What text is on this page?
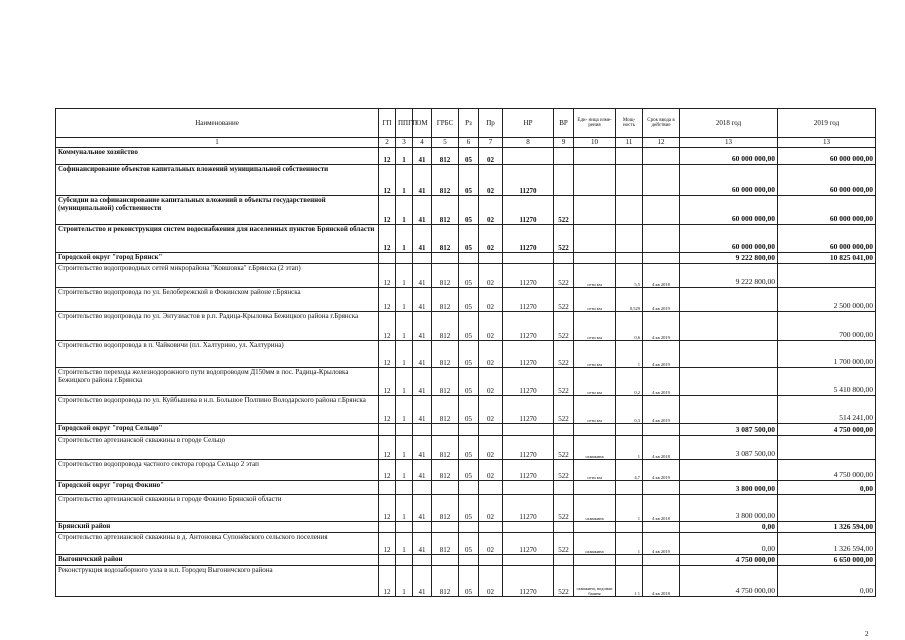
Наименование	ГП	ППГП	ОМ	ГРБС	Рз	Пр	НР	ВР	Еди- ница изме- рения	Мощ- ность	Срок ввода в действие	2018 год	2019 год
1	2	3	4	5	6	7	8	9	10	11	12	13	13
Коммунальное хозяйство	12	1	41	812	05	02						60 000 000,00	60 000 000,00
Софинансирование объектов капитальных вложений муниципальной собственности	12	1	41	812	05	02	11270					60 000 000,00	60 000 000,00
Субсидии на софинансирование капитальных вложений в объекты государственной (муниципальной) собственности	12	1	41	812	05	02	11270	522				60 000 000,00	60 000 000,00
Строительство и реконструкция систем водоснабжения для населенных пунктов Брянской области	12	1	41	812	05	02	11270	522				60 000 000,00	60 000 000,00
Городской округ "город Брянск"												9 222 800,00	10 825 041,00
Строительство водопроводных сетей микрорайона "Ковшовка" г.Брянска (2 этап)	12	1	41	812	05	02	11270	522	сети км	5,5	4 кв 2018	9 222 800,00	
Строительство водопровода по ул. Белобережской в Фокинском районе г.Брянска	12	1	41	812	05	02	11270	522	сети км	0,529	4 кв 2019		2 500 000,00
Строительство водопровода по ул. Энтузиастов в р.п. Радица-Крыловка Бежицкого района г.Брянска	12	1	41	812	05	02	11270	522	сети км	0,6	4 кв 2019		700 000,00
Строительство водопровода в п. Чайковичи (пл. Халтурино, ул. Халтурина)	12	1	41	812	05	02	11270	522	сети км	1	4 кв 2019		1 700 000,00
Строительство перехода железнодорожного пути водопроводом Д150мм в пос. Радица-Крыловка Бежицкого района г.Брянска	12	1	41	812	05	02	11270	522	сети км	0,2	4 кв 2019		5 410 800,00
Строительство водопровода по ул. Куйбышева в н.п. Большое Полпино Володарского района г.Брянска	12	1	41	812	05	02	11270	522	сети км	0,3	4 кв 2019		514 241,00
Городской округ "город Сельцо"												3 087 500,00	4 750 000,00
Строительство артезианской скважины в городе Сельцо	12	1	41	812	05	02	11270	522	скважина	1	4 кв 2018	3 087 500,00	
Строительство водопровода частного сектора города Сельцо 2 этап	12	1	41	812	05	02	11270	522	сети км	4,7	4 кв 2019		4 750 000,00
Городской округ "город Фокино"												3 800 000,00	0,00
Строительство артезианской скважины в городе Фокино Брянской области	12	1	41	812	05	02	11270	522	скважина	1	4 кв 2018	3 800 000,00	
Брянский район												0,00	1 326 594,00
Строительство артезианской скважины в д. Антоновка Супонёвского сельского поселения	12	1	41	812	05	02	11270	522	скважина	1	4 кв 2019	0,00	1 326 594,00
Выгоничский район												4 750 000,00	6 650 000,00
Реконструкция водозаборного узла в н.п. Городец Выгоничского района	12	1	41	812	05	02	11270	522	скважина, водонап башня	1 1	4 кв 2018	4 750 000,00	0,00
2
